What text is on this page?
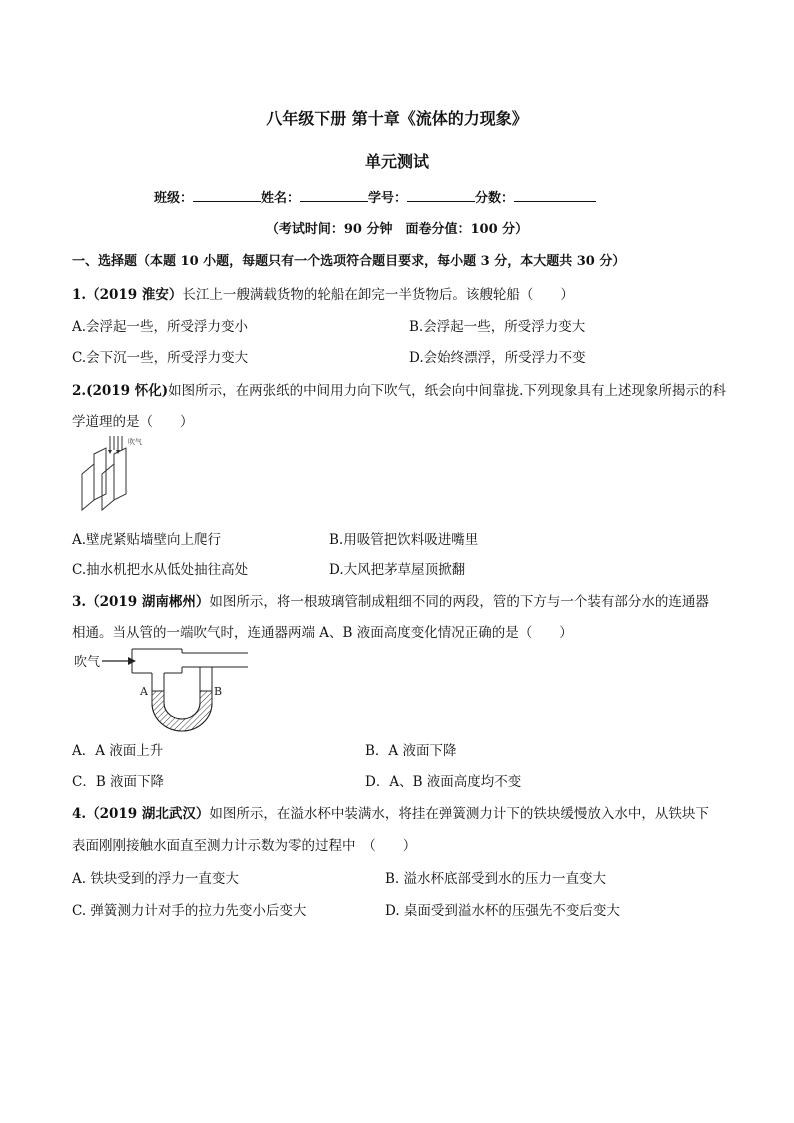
八年级下册 第十章《流体的力现象》
单元测试
班级：	姓名：	学号：	分数：
（考试时间：90 分钟　面卷分值：100 分）
一、选择题（本题 10 小题，每题只有一个选项符合题目要求，每小题 3 分，本大题共 30 分）
1.（2019 淮安）长江上一艘满载货物的轮船在卸完一半货物后。该艘轮船（　　）
A.会浮起一些，所受浮力变小	B.会浮起一些，所受浮力变大
C.会下沉一些，所受浮力变大	D.会始终漂浮，所受浮力不变
2.(2019 怀化)如图所示，在两张纸的中间用力向下吹气，纸会向中间靠拢.下列现象具有上述现象所揭示的科
学道理的是（　　）
吹气
A.壁虎紧贴墙壁向上爬行	B.用吸管把饮料吸进嘴里
C.抽水机把水从低处抽往高处	D.大风把茅草屋顶掀翻
3.（2019 湖南郴州）如图所示，将一根玻璃管制成粗细不同的两段，管的下方与一个装有部分水的连通器
相通。当从管的一端吹气时，连通器两端 A、B 液面高度变化情况正确的是（　　）
吹气
A	B
A．A 液面上升	B．A 液面下降
C．B 液面下降	D．A、B 液面高度均不变
4.（2019 湖北武汉）如图所示，在溢水杯中装满水，将挂在弹簧测力计下的铁块缓慢放入水中，从铁块下
表面刚刚接触水面直至测力计示数为零的过程中　（　　）
A. 铁块受到的浮力一直变大	B. 溢水杯底部受到水的压力一直变大
C. 弹簧测力计对手的拉力先变小后变大	D. 桌面受到溢水杯的压强先不变后变大
